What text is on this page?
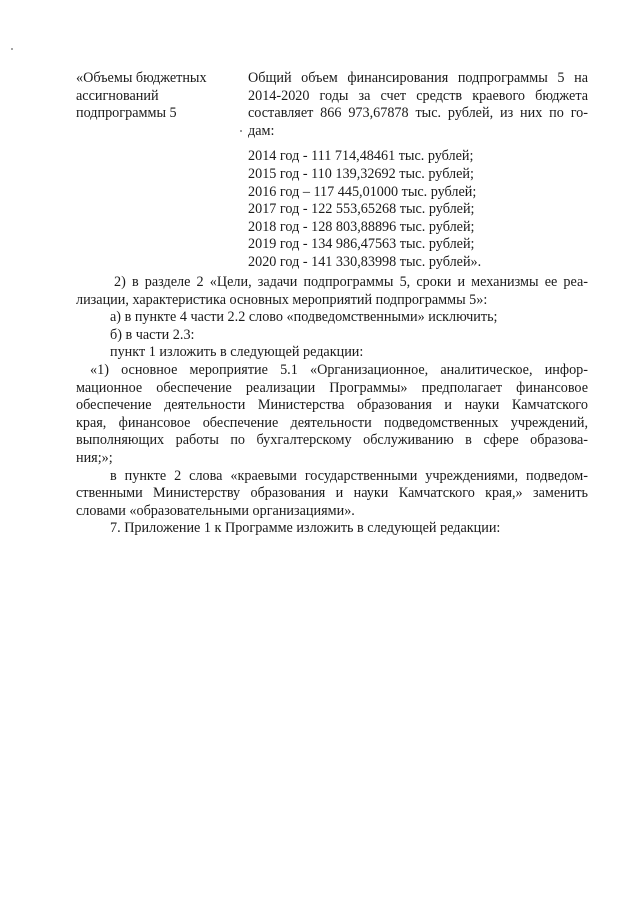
«Объемы бюджетных
ассигнований
подпрограммы 5
Общий объем финансирования подпрограммы 5 на
2014-2020 годы за счет средств краевого бюджета
составляет 866 973,67878 тыс. рублей, из них по го-
дам:
2014 год - 111 714,48461 тыс. рублей;
2015 год - 110 139,32692 тыс. рублей;
2016 год – 117 445,01000 тыс. рублей;
2017 год - 122 553,65268 тыс. рублей;
2018 год - 128 803,88896 тыс. рублей;
2019 год - 134 986,47563 тыс. рублей;
2020 год - 141 330,83998 тыс. рублей».
2) в разделе 2 «Цели, задачи подпрограммы 5, сроки и механизмы ее реа-
лизации, характеристика основных мероприятий подпрограммы 5»:
а) в пункте 4 части 2.2 слово «подведомственными» исключить;
б) в части 2.3:
пункт 1 изложить в следующей редакции:
«1) основное мероприятие 5.1 «Организационное, аналитическое, инфор-
мационное обеспечение реализации Программы» предполагает финансовое
обеспечение деятельности Министерства образования и науки Камчатского
края, финансовое обеспечение деятельности подведомственных учреждений,
выполняющих работы по бухгалтерскому обслуживанию в сфере образова-
ния;»;
в пункте 2 слова «краевыми государственными учреждениями, подведом-
ственными Министерству образования и науки Камчатского края,» заменить
словами «образовательными организациями».
7. Приложение 1 к Программе изложить в следующей редакции:
